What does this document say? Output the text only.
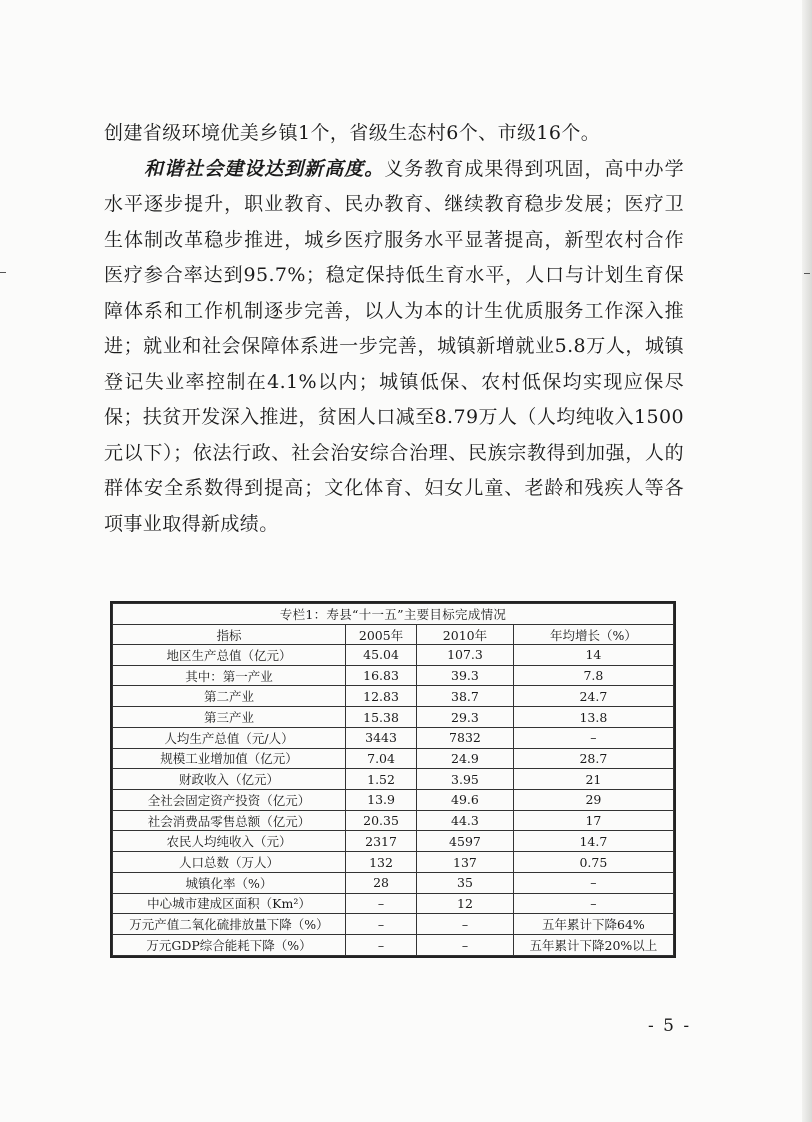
创建省级环境优美乡镇1个，省级生态村6个、市级16个。

和谐社会建设达到新高度。义务教育成果得到巩固，高中办学水平逐步提升，职业教育、民办教育、继续教育稳步发展；医疗卫生体制改革稳步推进，城乡医疗服务水平显著提高，新型农村合作医疗参合率达到95.7%；稳定保持低生育水平，人口与计划生育保障体系和工作机制逐步完善，以人为本的计生优质服务工作深入推进；就业和社会保障体系进一步完善，城镇新增就业5.8万人，城镇登记失业率控制在4.1%以内；城镇低保、农村低保均实现应保尽保；扶贫开发深入推进，贫困人口减至8.79万人（人均纯收入1500元以下）；依法行政、社会治安综合治理、民族宗教得到加强，人的群体安全系数得到提高；文化体育、妇女儿童、老龄和残疾人等各项事业取得新成绩。

专栏1：寿县“十一五”主要目标完成情况			
指标	2005年	2010年	年均增长（%）
地区生产总值（亿元）	45.04	107.3	14
其中：第一产业	16.83	39.3	7.8
第二产业	12.83	38.7	24.7
第三产业	15.38	29.3	13.8
人均生产总值（元/人）	3443	7832	–
规模工业增加值（亿元）	7.04	24.9	28.7
财政收入（亿元）	1.52	3.95	21
全社会固定资产投资（亿元）	13.9	49.6	29
社会消费品零售总额（亿元）	20.35	44.3	17
农民人均纯收入（元）	2317	4597	14.7
人口总数（万人）	132	137	0.75
城镇化率（%）	28	35	–
中心城市建成区面积（Km²）	–	12	–
万元产值二氧化硫排放量下降（%）	–	–	五年累计下降64%
万元GDP综合能耗下降（%）	–	–	五年累计下降20%以上
- 5 -
